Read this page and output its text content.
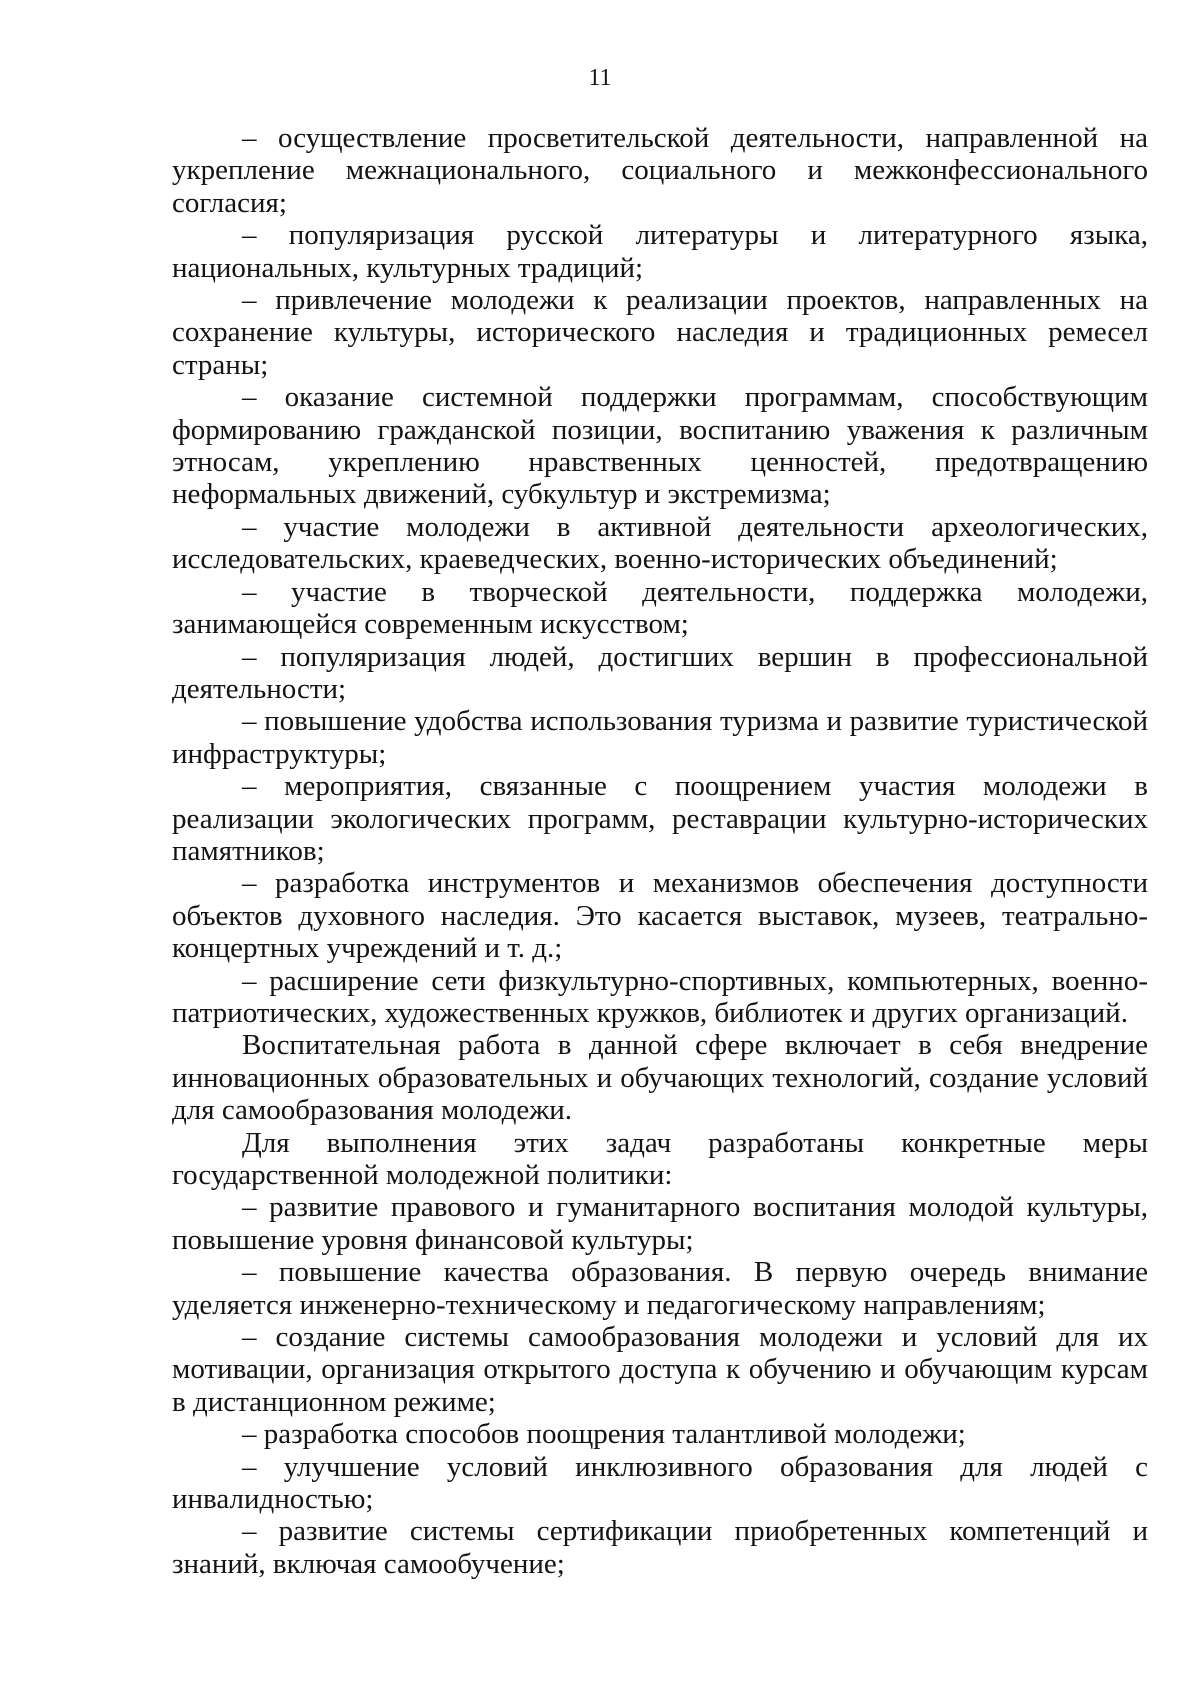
11

– осуществление просветительской деятельности, направленной на укрепление межнационального, социального и межконфессионального согласия;

– популяризация русской литературы и литературного языка, национальных, культурных традиций;

– привлечение молодежи к реализации проектов, направленных на сохранение культуры, исторического наследия и традиционных ремесел страны;

– оказание системной поддержки программам, способствующим формированию гражданской позиции, воспитанию уважения к различным этносам, укреплению нравственных ценностей, предотвращению неформальных движений, субкультур и экстремизма;

– участие молодежи в активной деятельности археологических, исследовательских, краеведческих, военно-исторических объединений;

– участие в творческой деятельности, поддержка молодежи, занимающейся современным искусством;

– популяризация людей, достигших вершин в профессиональной деятельности;

– повышение удобства использования туризма и развитие туристической инфраструктуры;

– мероприятия, связанные с поощрением участия молодежи в реализации экологических программ, реставрации культурно-исторических памятников;

– разработка инструментов и механизмов обеспечения доступности объектов духовного наследия. Это касается выставок, музеев, театрально-концертных учреждений и т. д.;

– расширение сети физкультурно-спортивных, компьютерных, военно-патриотических, художественных кружков, библиотек и других организаций.

Воспитательная работа в данной сфере включает в себя внедрение инновационных образовательных и обучающих технологий, создание условий для самообразования молодежи.

Для выполнения этих задач разработаны конкретные меры государственной молодежной политики:

– развитие правового и гуманитарного воспитания молодой культуры, повышение уровня финансовой культуры;

– повышение качества образования. В первую очередь внимание уделяется инженерно-техническому и педагогическому направлениям;

– создание системы самообразования молодежи и условий для их мотивации, организация открытого доступа к обучению и обучающим курсам в дистанционном режиме;

– разработка способов поощрения талантливой молодежи;

– улучшение условий инклюзивного образования для людей с инвалидностью;

– развитие системы сертификации приобретенных компетенций и знаний, включая самообучение;
